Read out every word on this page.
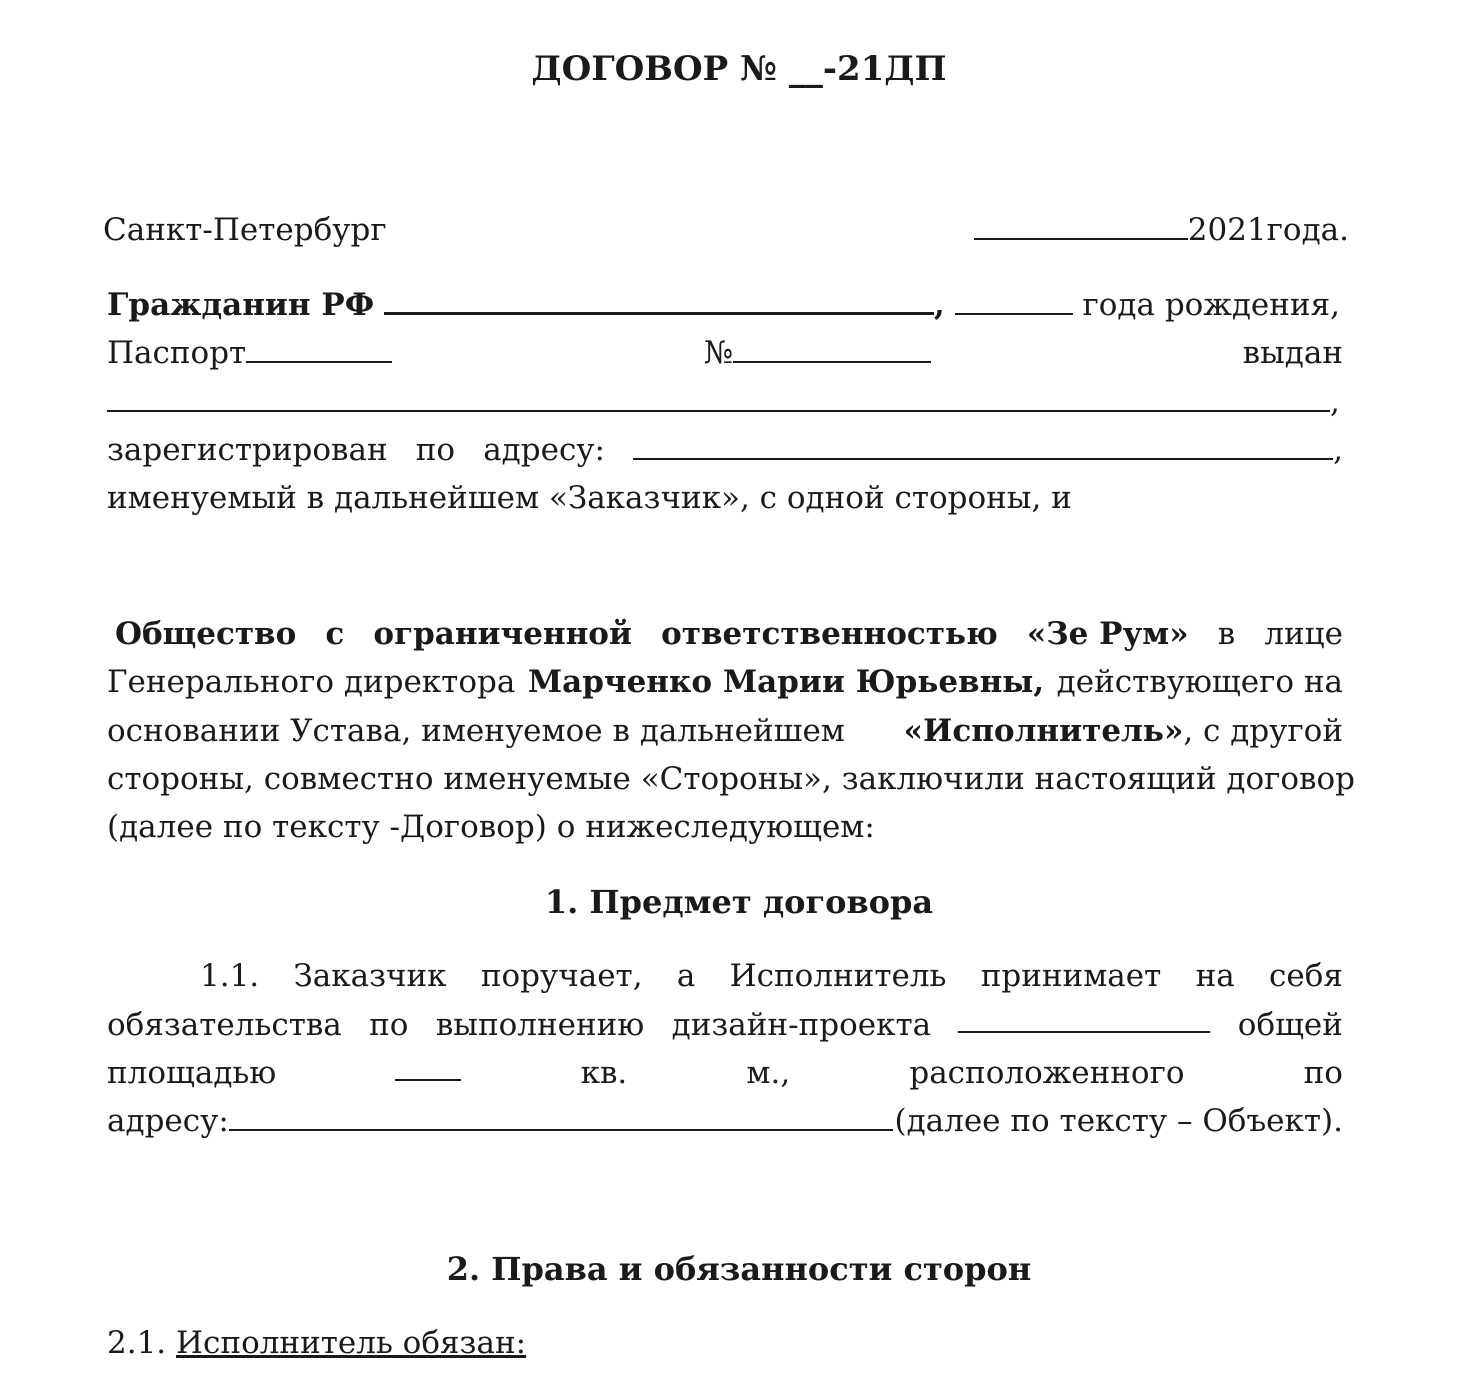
ДОГОВОР № __-21ДП
Санкт-Петербург	2021года.
Гражданин РФ	,	года рождения,
Паспорт	№	выдан
,
зарегистрирован по адресу:	,
именуемый в дальнейшем «Заказчик», с одной стороны, и
Общество с ограниченной ответственностью «Зе Рум» в лице
Генерального директора Марченко Марии Юрьевны, действующего на
основании Устава, именуемое в дальнейшем «Исполнитель», с другой
стороны, совместно именуемые «Стороны», заключили настоящий договор
(далее по тексту -Договор) о нижеследующем:
1. Предмет договора
1.1. Заказчик поручает, а Исполнитель принимает на себя
обязательства по выполнению дизайн-проекта	общей
площадью	кв.	м.,	расположенного	по
адресу:	(далее по тексту – Объект).
2. Права и обязанности сторон
2.1. Исполнитель обязан:
